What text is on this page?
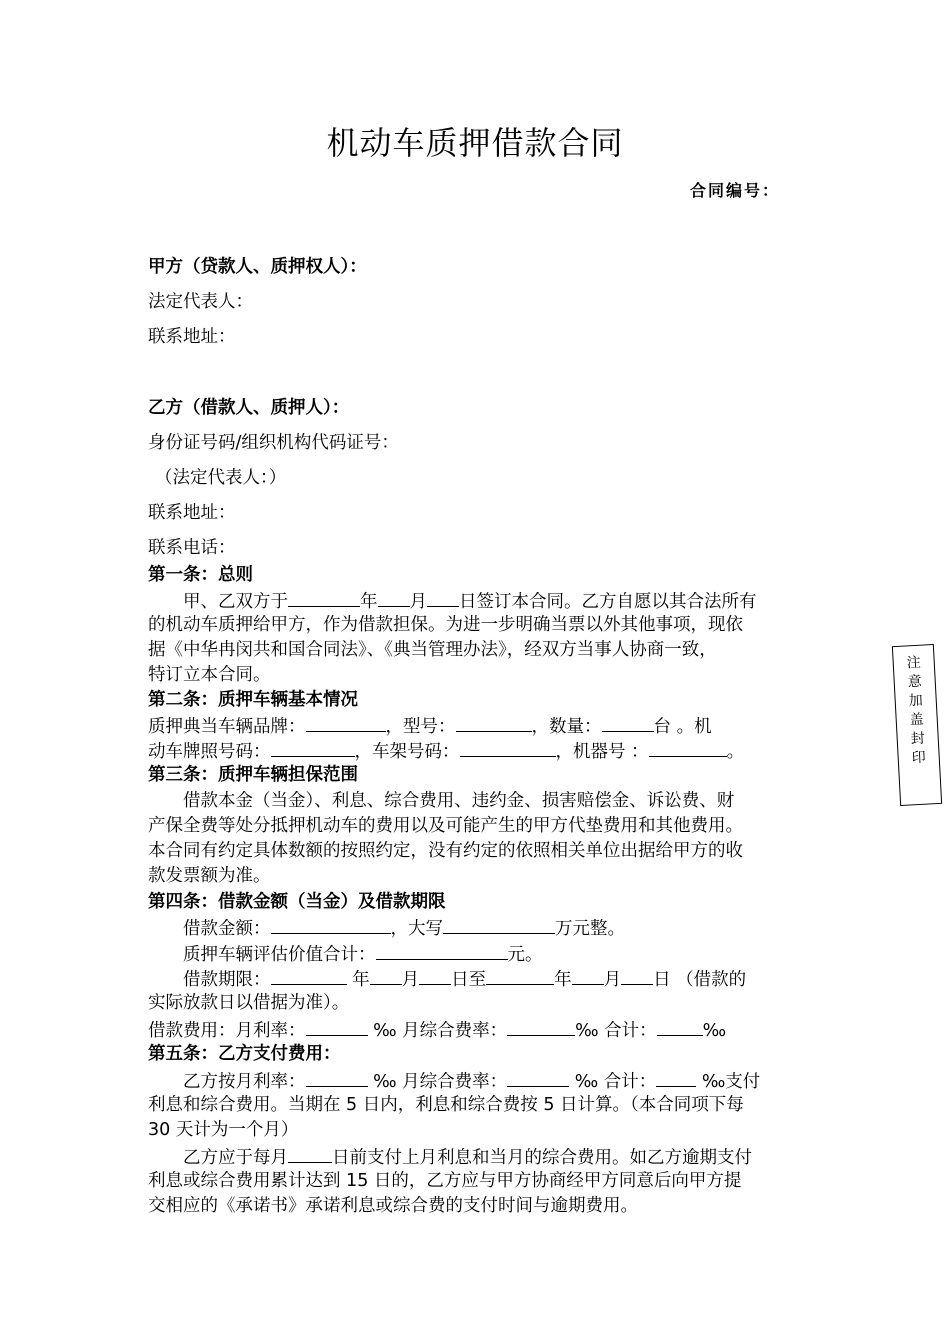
机动车质押借款合同
合同编号：
甲方（贷款人、质押权人）：
法定代表人：
联系地址：
乙方（借款人、质押人）：
身份证号码/组织机构代码证号：
（法定代表人：）
联系地址：
联系电话：
第一条：总则
甲、乙双方于	年 月 日签订本合同。乙方自愿以其合法所有
的机动车质押给甲方，作为借款担保。为进一步明确当票以外其他事项，现依
据《中华冉闵共和国合同法》、《典当管理办法》，经双方当事人协商一致，
特订立本合同。
第二条：质押车辆基本情况
质押典当车辆品牌：	，型号：	，数量：	台 。机
动车牌照号码：	，车架号码：	，机器号 ：	。
第三条：质押车辆担保范围
借款本金（当金）、利息、综合费用、违约金、损害赔偿金、诉讼费、财
产保全费等处分抵押机动车的费用以及可能产生的甲方代垫费用和其他费用。
本合同有约定具体数额的按照约定，没有约定的依照相关单位出据给甲方的收
款发票额为准。
第四条：借款金额（当金）及借款期限
借款金额：	，大写	万元整。
质押车辆评估价值合计：	元。
借款期限：	年 月 日至	年 月 日 （借款的
实际放款日以借据为准）。
借款费用：月利率：	‰ 月综合费率：	‰ 合计：	‰
第五条：乙方支付费用：
乙方按月利率：	‰ 月综合费率：	‰ 合计：	‰支付
利息和综合费用。当期在 5 日内，利息和综合费按 5 日计算。（本合同项下每
30 天计为一个月）
乙方应于每月	日前支付上月利息和当月的综合费用。如乙方逾期支付
利息或综合费用累计达到 15 日的，乙方应与甲方协商经甲方同意后向甲方提
交相应的《承诺书》承诺利息或综合费的支付时间与逾期费用。
注
意
加
盖
封
印
